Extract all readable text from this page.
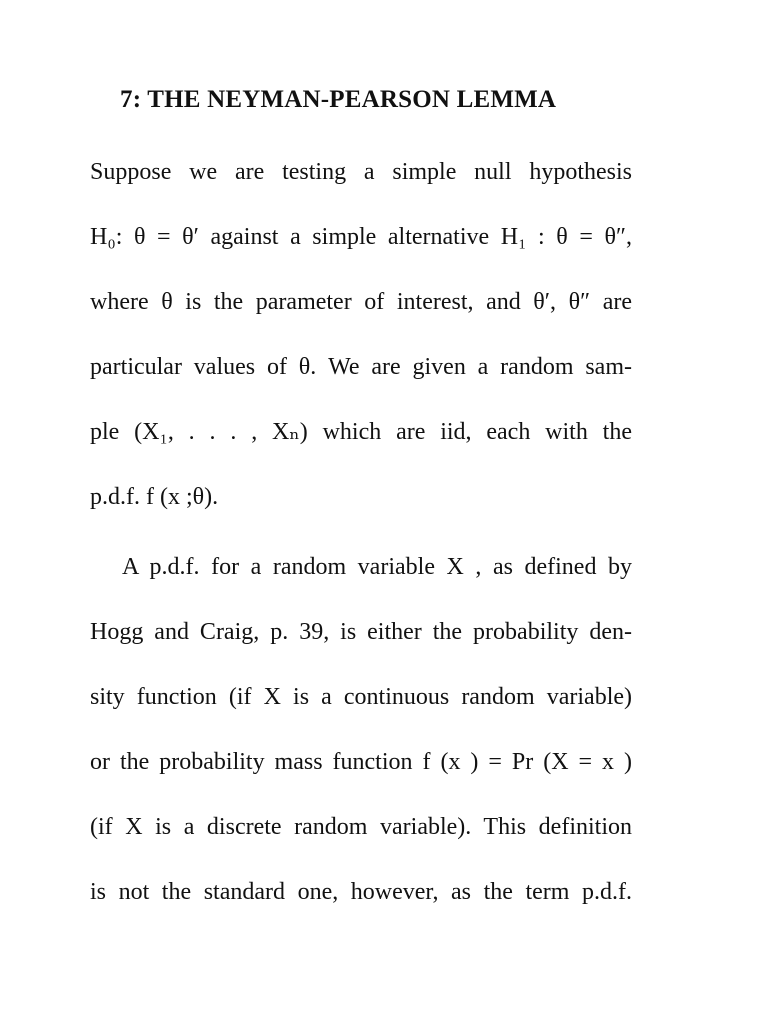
7: THE NEYMAN-PEARSON LEMMA
Suppose we are testing a simple null hypothesis
H₀: θ = θ′ against a simple alternative H₁ : θ = θ″,
where θ is the parameter of interest, and θ′, θ″ are
particular values of θ. We are given a random sam-
ple (X₁, . . . , Xₙ) which are iid, each with the
p.d.f. f (x ;θ).
A p.d.f. for a random variable X , as defined by
Hogg and Craig, p. 39, is either the probability den-
sity function (if X is a continuous random variable)
or the probability mass function f (x ) = Pr (X = x )
(if X is a discrete random variable). This definition
is not the standard one, however, as the term p.d.f.
